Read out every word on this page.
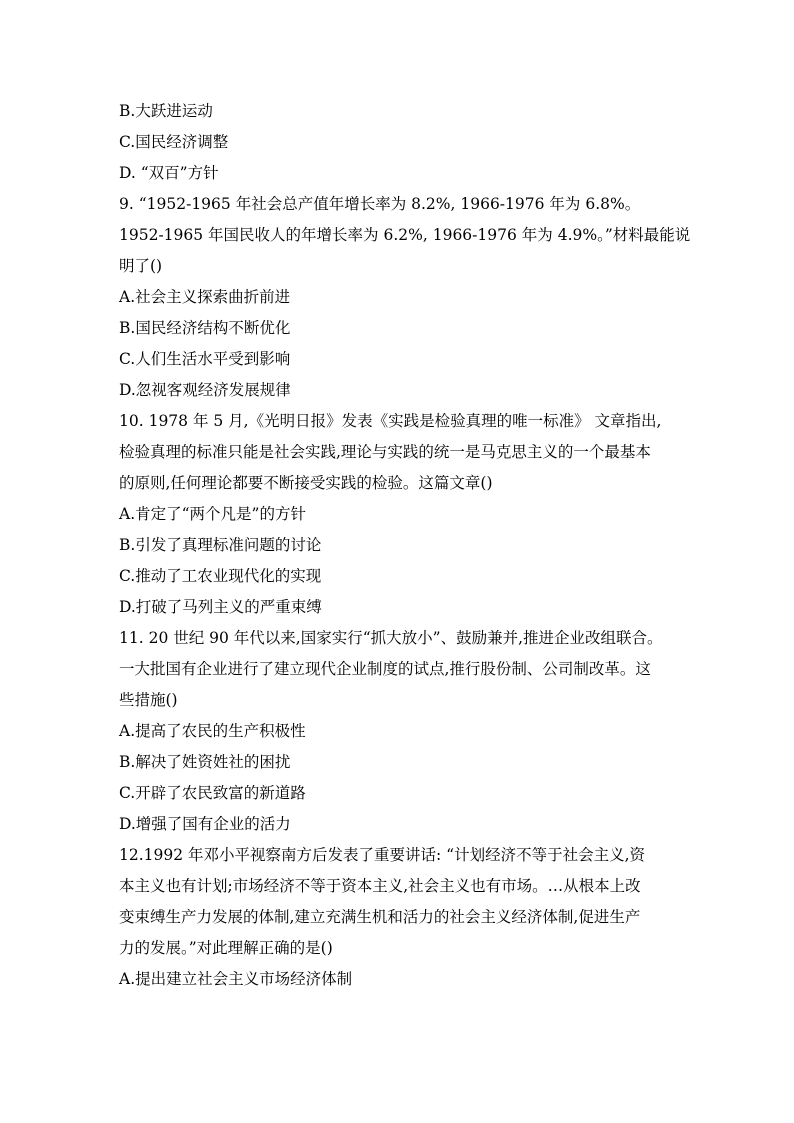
B.大跃进运动
C.国民经济调整
D. “双百”方针
9. “1952-1965 年社会总产值年增长率为 8.2%, 1966-1976 年为 6.8%。
1952-1965 年国民收人的年增长率为 6.2%, 1966-1976 年为 4.9%。”材料最能说
明了()
A.社会主义探索曲折前进
B.国民经济结构不断优化
C.人们生活水平受到影响
D.忽视客观经济发展规律
10. 1978 年 5 月,《光明日报》发表《实践是检验真理的唯一标准》 文章指出,
检验真理的标准只能是社会实践,理论与实践的统一是马克思主义的一个最基本
的原则,任何理论都要不断接受实践的检验。这篇文章()
A.肯定了“两个凡是”的方针
B.引发了真理标准问题的讨论
C.推动了工农业现代化的实现
D.打破了马列主义的严重束缚
11. 20 世纪 90 年代以来,国家实行“抓大放小”、鼓励兼并,推进企业改组联合。
一大批国有企业进行了建立现代企业制度的试点,推行股份制、公司制改革。这
些措施()
A.提高了农民的生产积极性
B.解决了姓资姓社的困扰
C.开辟了农民致富的新道路
D.增强了国有企业的活力
12.1992 年邓小平视察南方后发表了重要讲话: “计划经济不等于社会主义,资
本主义也有计划;市场经济不等于资本主义,社会主义也有市场。…从根本上改
变束缚生产力发展的体制,建立充满生机和活力的社会主义经济体制,促进生产
力的发展。”对此理解正确的是()
A.提出建立社会主义市场经济体制
